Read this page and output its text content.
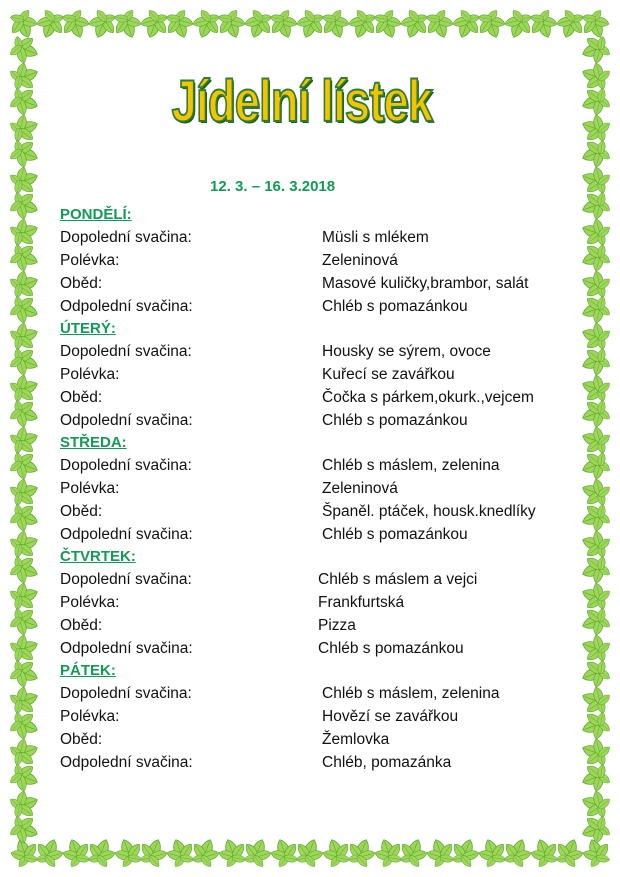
Jídelní lístek
12. 3. – 16. 3.2018
PONDĚLÍ:
Dopolední svačina:	Müsli s mlékem
Polévka:	Zeleninová
Oběd:	Masové kuličky,brambor, salát
Odpolední svačina:	Chléb s pomazánkou
ÚTERÝ:
Dopolední svačina:	Housky se sýrem, ovoce
Polévka:	Kuřecí se zavářkou
Oběd:	Čočka s párkem,okurk.,vejcem
Odpolední svačina:	Chléb s pomazánkou
STŘEDA:
Dopolední svačina:	Chléb s máslem, zelenina
Polévka:	Zeleninová
Oběd:	Španěl. ptáček, housk.knedlíky
Odpolední svačina:	Chléb s pomazánkou
ČTVRTEK:
Dopolední svačina:	Chléb s máslem a vejci
Polévka:	Frankfurtská
Oběd:	Pizza
Odpolední svačina:	Chléb s pomazánkou
PÁTEK:
Dopolední svačina:	Chléb s máslem, zelenina
Polévka:	Hovězí se zavářkou
Oběd:	Žemlovka
Odpolední svačina:	Chléb, pomazánka
